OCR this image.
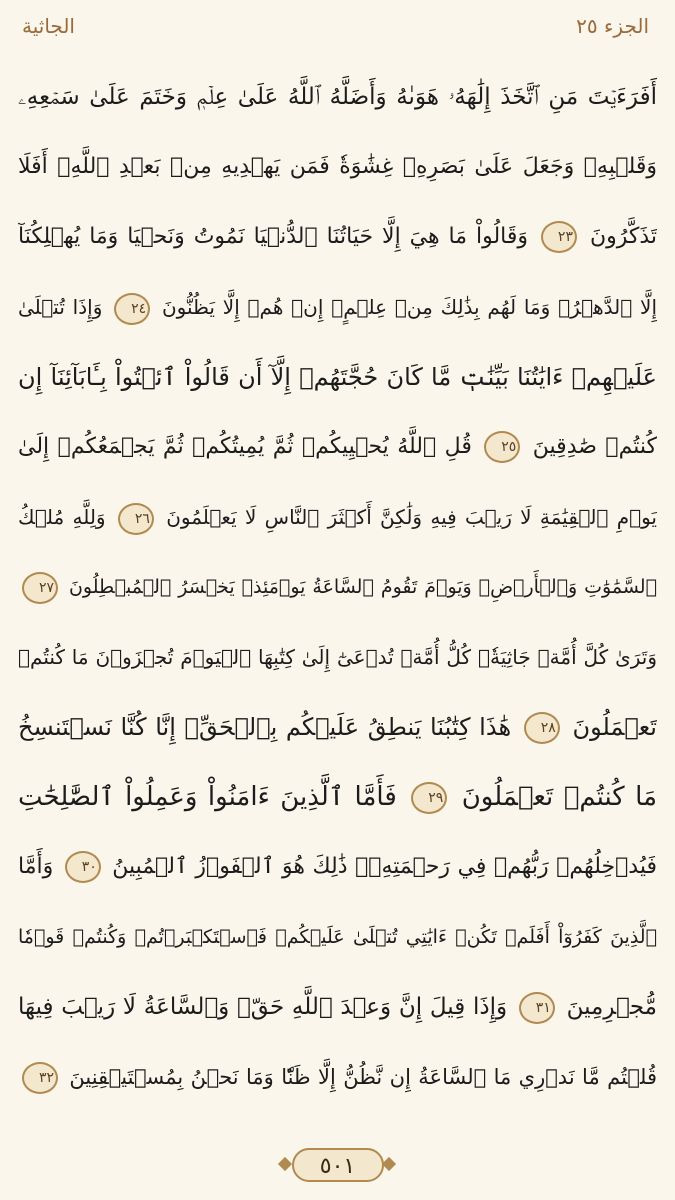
الجاثية	الجزء ٢٥
أَفَرَءَيۡتَ مَنِ ٱتَّخَذَ إِلَٰهَهُۥ هَوَىٰهُ وَأَضَلَّهُ ٱللَّهُ عَلَىٰ عِلۡمٖ وَخَتَمَ عَلَىٰ سَمۡعِهِۦ
وَقَلۡبِهِۦ وَجَعَلَ عَلَىٰ بَصَرِهِۦ غِشَٰوَةٗ فَمَن يَهۡدِيهِ مِنۢ بَعۡدِ ٱللَّهِۚ أَفَلَا
تَذَكَّرُونَ ٢٣ وَقَالُواْ مَا هِيَ إِلَّا حَيَاتُنَا ٱلدُّنۡيَا نَمُوتُ وَنَحۡيَا وَمَا يُهۡلِكُنَآ
إِلَّا ٱلدَّهۡرُۚ وَمَا لَهُم بِذَٰلِكَ مِنۡ عِلۡمٍۖ إِنۡ هُمۡ إِلَّا يَظُنُّونَ ٢٤ وَإِذَا تُتۡلَىٰ
عَلَيۡهِمۡ ءَايَٰتُنَا بَيِّنَٰتٖ مَّا كَانَ حُجَّتَهُمۡ إِلَّآ أَن قَالُواْ ٱئۡتُواْ بِـَٔابَآئِنَآ إِن
كُنتُمۡ صَٰدِقِينَ ٢٥ قُلِ ٱللَّهُ يُحۡيِيكُمۡ ثُمَّ يُمِيتُكُمۡ ثُمَّ يَجۡمَعُكُمۡ إِلَىٰ
يَوۡمِ ٱلۡقِيَٰمَةِ لَا رَيۡبَ فِيهِ وَلَٰكِنَّ أَكۡثَرَ ٱلنَّاسِ لَا يَعۡلَمُونَ ٢٦ وَلِلَّهِ مُلۡكُ
ٱلسَّمَٰوَٰتِ وَٱلۡأَرۡضِۚ وَيَوۡمَ تَقُومُ ٱلسَّاعَةُ يَوۡمَئِذٖ يَخۡسَرُ ٱلۡمُبۡطِلُونَ ٢٧
وَتَرَىٰ كُلَّ أُمَّةٖ جَاثِيَةٗۚ كُلُّ أُمَّةٖ تُدۡعَىٰٓ إِلَىٰ كِتَٰبِهَا ٱلۡيَوۡمَ تُجۡزَوۡنَ مَا كُنتُمۡ
تَعۡمَلُونَ ٢٨ هَٰذَا كِتَٰبُنَا يَنطِقُ عَلَيۡكُم بِٱلۡحَقِّۚ إِنَّا كُنَّا نَسۡتَنسِخُ
مَا كُنتُمۡ تَعۡمَلُونَ ٢٩ فَأَمَّا ٱلَّذِينَ ءَامَنُواْ وَعَمِلُواْ ٱلصَّٰلِحَٰتِ
فَيُدۡخِلُهُمۡ رَبُّهُمۡ فِي رَحۡمَتِهِۦۚ ذَٰلِكَ هُوَ ٱلۡفَوۡزُ ٱلۡمُبِينُ ٣٠ وَأَمَّا
ٱلَّذِينَ كَفَرُوٓاْ أَفَلَمۡ تَكُنۡ ءَايَٰتِي تُتۡلَىٰ عَلَيۡكُمۡ فَٱسۡتَكۡبَرۡتُمۡ وَكُنتُمۡ قَوۡمٗا
مُّجۡرِمِينَ ٣١ وَإِذَا قِيلَ إِنَّ وَعۡدَ ٱللَّهِ حَقّٞ وَٱلسَّاعَةُ لَا رَيۡبَ فِيهَا
قُلۡتُم مَّا نَدۡرِي مَا ٱلسَّاعَةُ إِن نَّظُنُّ إِلَّا ظَنّٗا وَمَا نَحۡنُ بِمُسۡتَيۡقِنِينَ ٣٢
٥٠١
